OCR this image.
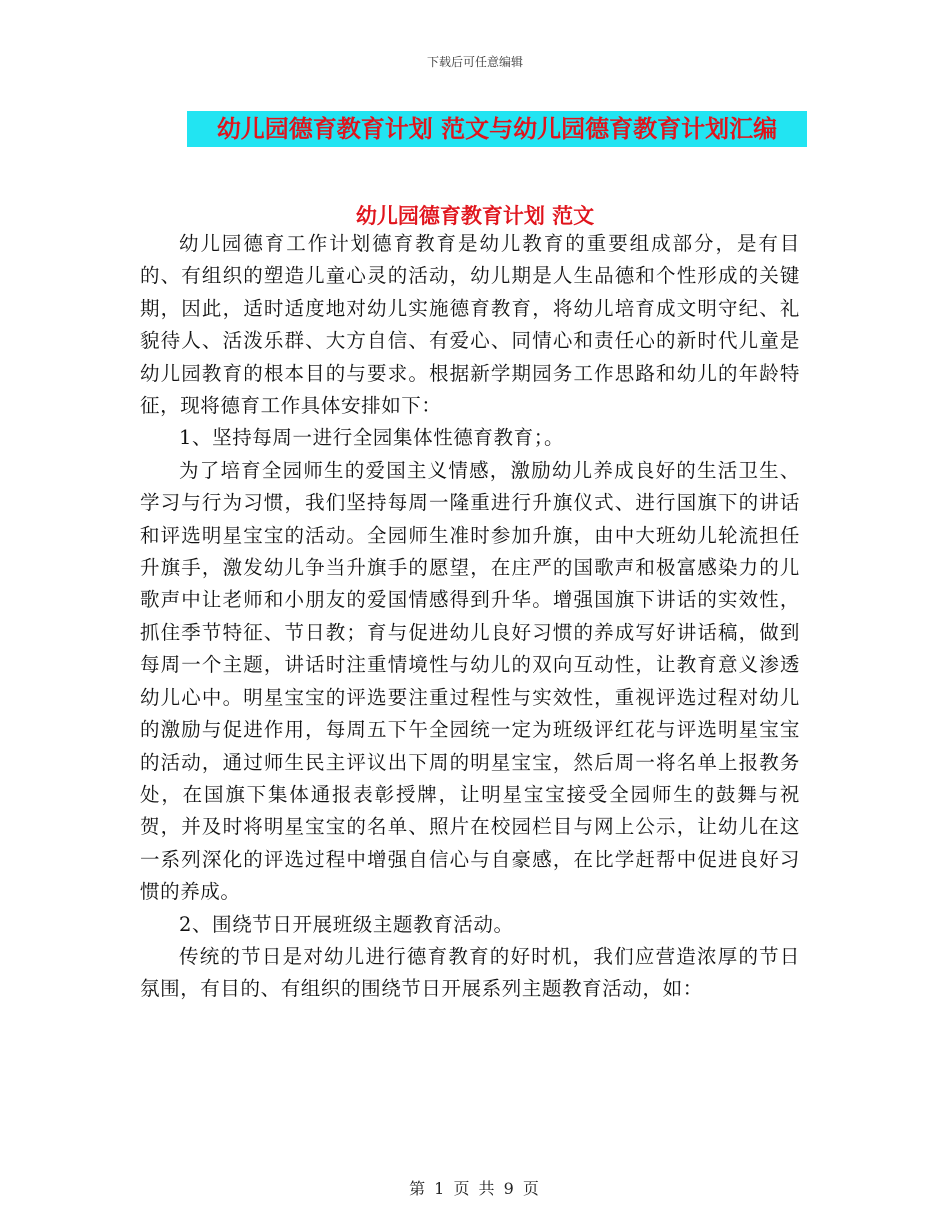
下载后可任意编辑
幼儿园德育教育计划 范文与幼儿园德育教育计划汇编
幼儿园德育教育计划 范文

幼儿园德育工作计划德育教育是幼儿教育的重要组成部分，是有目的、有组织的塑造儿童心灵的活动，幼儿期是人生品德和个性形成的关键期，因此，适时适度地对幼儿实施德育教育，将幼儿培育成文明守纪、礼貌待人、活泼乐群、大方自信、有爱心、同情心和责任心的新时代儿童是幼儿园教育的根本目的与要求。根据新学期园务工作思路和幼儿的年龄特征，现将德育工作具体安排如下：

1、坚持每周一进行全园集体性德育教育；。

为了培育全园师生的爱国主义情感，激励幼儿养成良好的生活卫生、学习与行为习惯，我们坚持每周一隆重进行升旗仪式、进行国旗下的讲话和评选明星宝宝的活动。全园师生准时参加升旗，由中大班幼儿轮流担任升旗手，激发幼儿争当升旗手的愿望，在庄严的国歌声和极富感染力的儿歌声中让老师和小朋友的爱国情感得到升华。增强国旗下讲话的实效性，抓住季节特征、节日教；育与促进幼儿良好习惯的养成写好讲话稿，做到每周一个主题，讲话时注重情境性与幼儿的双向互动性，让教育意义渗透幼儿心中。明星宝宝的评选要注重过程性与实效性，重视评选过程对幼儿的激励与促进作用，每周五下午全园统一定为班级评红花与评选明星宝宝的活动，通过师生民主评议出下周的明星宝宝，然后周一将名单上报教务处，在国旗下集体通报表彰授牌，让明星宝宝接受全园师生的鼓舞与祝贺，并及时将明星宝宝的名单、照片在校园栏目与网上公示，让幼儿在这一系列深化的评选过程中增强自信心与自豪感，在比学赶帮中促进良好习惯的养成。

2、围绕节日开展班级主题教育活动。

传统的节日是对幼儿进行德育教育的好时机，我们应营造浓厚的节日氛围，有目的、有组织的围绕节日开展系列主题教育活动，如：

第 1 页 共 9 页
